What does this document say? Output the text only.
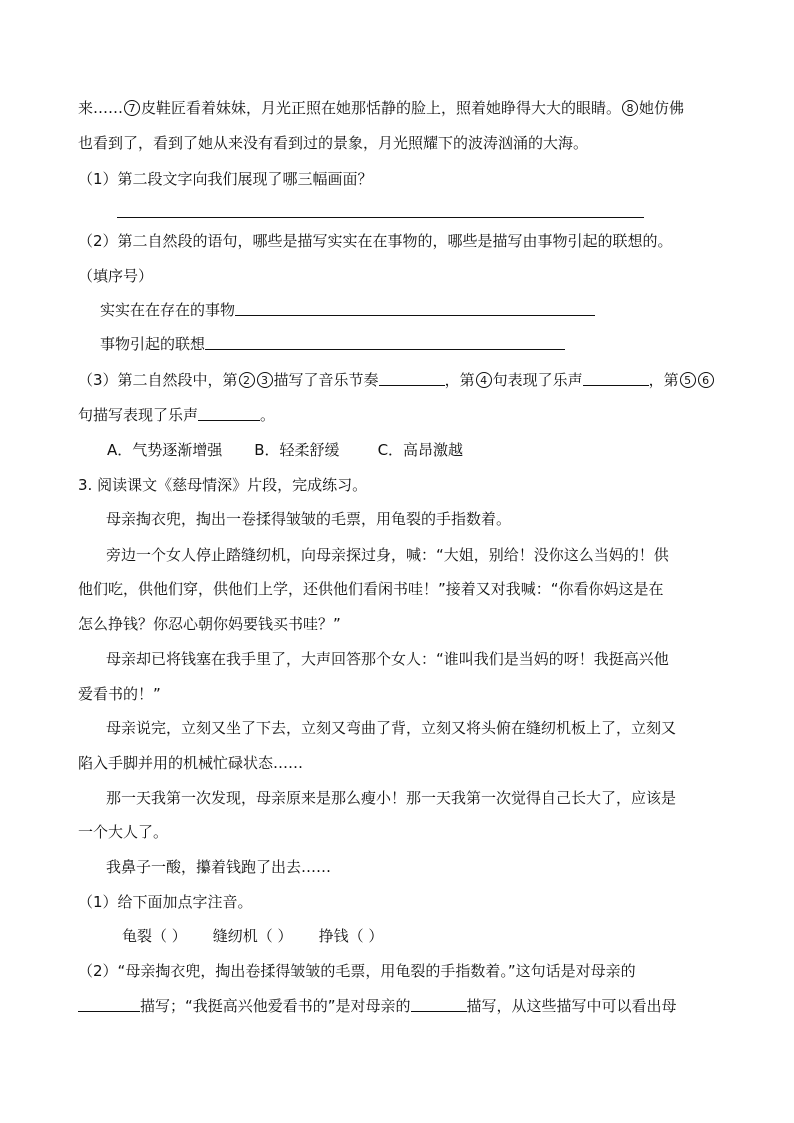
来…… 7 皮鞋匠看着妹妹，月光正照在她那恬静的脸上，照着她睁得大大的眼睛。 8 她仿佛
也看到了，看到了她从来没有看到过的景象，月光照耀下的波涛汹涌的大海。
（1）第二段文字向我们展现了哪三幅画面？
（2）第二自然段的语句，哪些是描写实实在在事物的，哪些是描写由事物引起的联想的。
（填序号）
实实在在存在的事物
事物引起的联想
（3）第二自然段中，第 2 3 描写了音乐节奏	，第 4 句表现了乐声	，第 5 6
句描写表现了乐声	。
A．气势逐渐增强 B．轻柔舒缓	C．高昂激越
3. 阅读课文《慈母情深》片段，完成练习。
母亲掏衣兜，掏出一卷揉得皱皱的毛票，用龟裂的手指数着。
旁边一个女人停止踏缝纫机，向母亲探过身，喊：“大姐，别给！没你这么当妈的！供
他们吃，供他们穿，供他们上学，还供他们看闲书哇！”接着又对我喊：“你看你妈这是在
怎么挣钱？你忍心朝你妈要钱买书哇？”
母亲却已将钱塞在我手里了，大声回答那个女人：“谁叫我们是当妈的呀！我挺高兴他
爱看书的！”
母亲说完，立刻又坐了下去，立刻又弯曲了背，立刻又将头俯在缝纫机板上了，立刻又
陷入手脚并用的机械忙碌状态……
那一天我第一次发现，母亲原来是那么瘦小！那一天我第一次觉得自己长大了，应该是
一个大人了。
我鼻子一酸，攥着钱跑了出去……
（1）给下面加点字注音。
龟裂（ ） 缝纫机（ ） 挣钱（ ）
（2）“母亲掏衣兜，掏出卷揉得皱皱的毛票，用龟裂的手指数着。”这句话是对母亲的
描写；“我挺高兴他爱看书的”是对母亲的	描写，从这些描写中可以看出母
